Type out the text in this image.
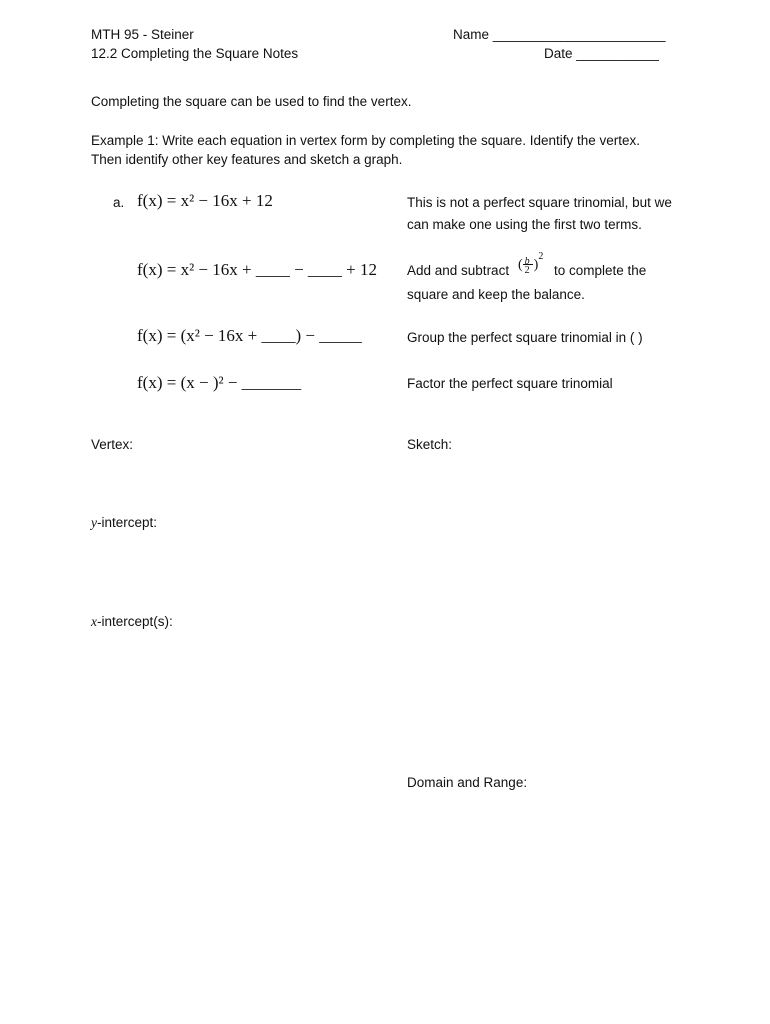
MTH 95 - Steiner
12.2 Completing the Square Notes
Name _______________________
Date ___________
Completing the square can be used to find the vertex.
Example 1: Write each equation in vertex form by completing the square. Identify the vertex.
Then identify other key features and sketch a graph.
a. f(x) = x² − 16x + 12	This is not a perfect square trinomial, but we
can make one using the first two terms.
f(x) = x² − 16x + ____ − ____ + 12 Add and subtract ( $\frac{b}{2} )^2$
to complete the
square and keep the balance.
f(x) = (x² − 16x + ____) − _____	Group the perfect square trinomial in ( )
f(x) = (x − )² − _______	Factor the perfect square trinomial
Vertex:	Sketch:
y-intercept:
x-intercept(s):
Domain and Range:
